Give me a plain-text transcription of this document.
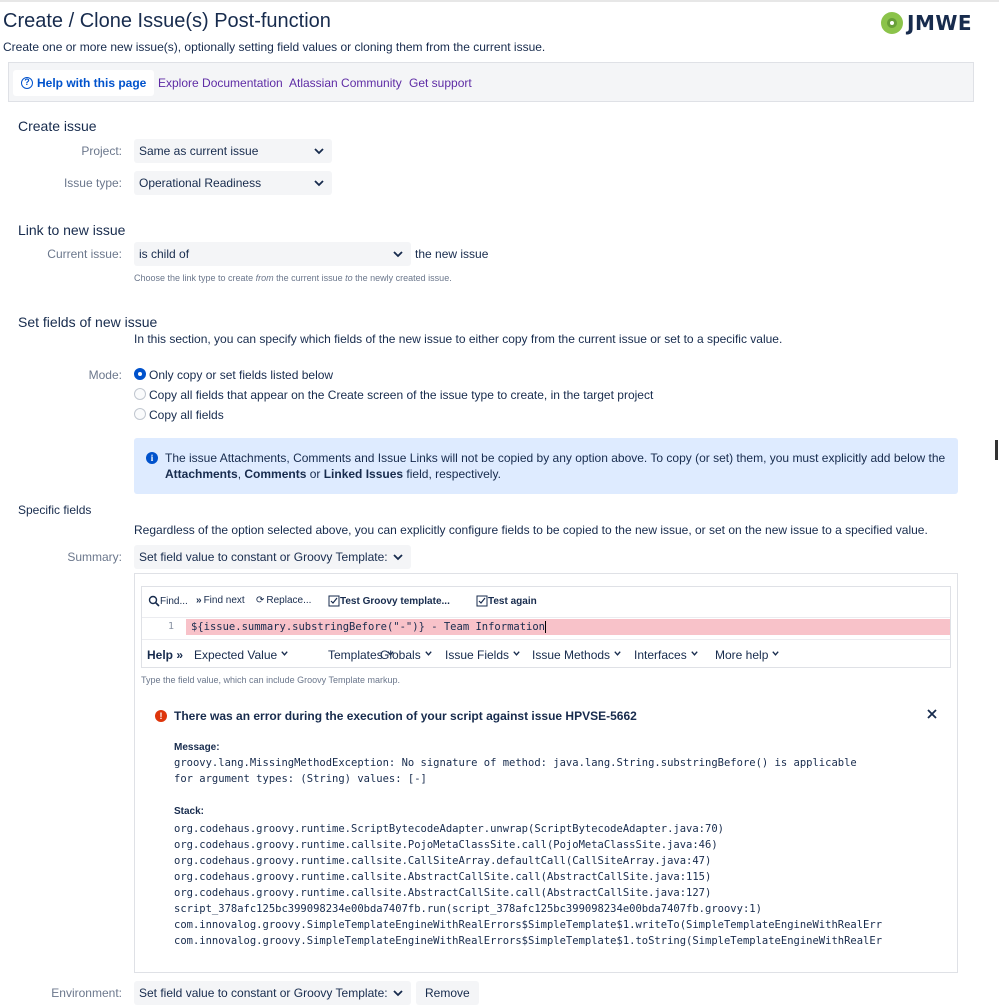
Create / Clone Issue(s) Post-function
Create one or more new issue(s), optionally setting field values or cloning them from the current issue.
JMWE
? Help with this page Explore Documentation Atlassian Community Get support
Create issue
Project: Same as current issue
Issue type: Operational Readiness
Link to new issue
Current issue: is child of	the new issue
Choose the link type to create from the current issue to the newly created issue.
Set fields of new issue
In this section, you can specify which fields of the new issue to either copy from the current issue or set to a specific value.
Mode: Only copy or set fields listed below
Copy all fields that appear on the Create screen of the issue type to create, in the target project
Copy all fields
i The issue Attachments, Comments and Issue Links will not be copied by any option above. To copy (or set) them, you must explicitly add below the
Attachments, Comments or Linked Issues field, respectively.
Specific fields
Regardless of the option selected above, you can explicitly configure fields to be copied to the new issue, or set on the new issue to a specified value.
Summary: Set field value to constant or Groovy Template:
Find... » Find next ⟳ Replace...	Test Groovy template...	Test again
1 ${issue.summary.substringBefore("-")} - Team Information
Help » Expected Value	Templates
Globals	Issue Fields	Issue Methods	Interfaces	More help
Type the field value, which can include Groovy Template markup.
! There was an error during the execution of your script against issue HPVSE-5662
Message:
groovy.lang.MissingMethodException: No signature of method: java.lang.String.substringBefore() is applicable
for argument types: (String) values: [-]
Stack:
org.codehaus.groovy.runtime.ScriptBytecodeAdapter.unwrap(ScriptBytecodeAdapter.java:70)
org.codehaus.groovy.runtime.callsite.PojoMetaClassSite.call(PojoMetaClassSite.java:46)
org.codehaus.groovy.runtime.callsite.CallSiteArray.defaultCall(CallSiteArray.java:47)
org.codehaus.groovy.runtime.callsite.AbstractCallSite.call(AbstractCallSite.java:115)
org.codehaus.groovy.runtime.callsite.AbstractCallSite.call(AbstractCallSite.java:127)
script_378afc125bc399098234e00bda7407fb.run(script_378afc125bc399098234e00bda7407fb.groovy:1)
com.innovalog.groovy.SimpleTemplateEngineWithRealErrors$SimpleTemplate$1.writeTo(SimpleTemplateEngineWithRealErr
com.innovalog.groovy.SimpleTemplateEngineWithRealErrors$SimpleTemplate$1.toString(SimpleTemplateEngineWithRealEr
Environment: Set field value to constant or Groovy Template:	Remove
